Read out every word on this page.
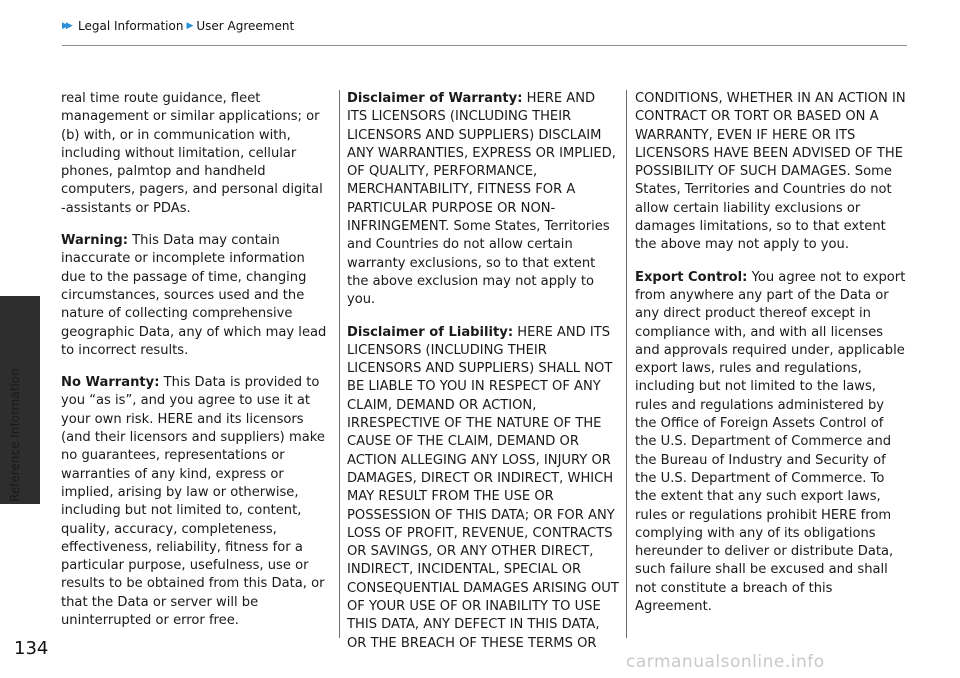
▶▶ Legal Information ▶ User Agreement
Reference Information

real time route guidance, fleet management or similar applications; or (b) with, or in communication with, including without limitation, cellular phones, palmtop and handheld computers, pagers, and personal digital -assistants or PDAs.

Warning: This Data may contain inaccurate or incomplete information due to the passage of time, changing circumstances, sources used and the nature of collecting comprehensive geographic Data, any of which may lead to incorrect results.

No Warranty: This Data is provided to you “as is”, and you agree to use it at your own risk. HERE and its licensors (and their licensors and suppliers) make no guarantees, representations or warranties of any kind, express or implied, arising by law or otherwise, including but not limited to, content, quality, accuracy, completeness, effectiveness, reliability, fitness for a particular purpose, usefulness, use or results to be obtained from this Data, or that the Data or server will be uninterrupted or error free.

Disclaimer of Warranty: HERE AND ITS LICENSORS (INCLUDING THEIR LICENSORS AND SUPPLIERS) DISCLAIM ANY WARRANTIES, EXPRESS OR IMPLIED, OF QUALITY, PERFORMANCE, MERCHANTABILITY, FITNESS FOR A PARTICULAR PURPOSE OR NON-INFRINGEMENT. Some States, Territories and Countries do not allow certain warranty exclusions, so to that extent the above exclusion may not apply to you.

Disclaimer of Liability: HERE AND ITS LICENSORS (INCLUDING THEIR LICENSORS AND SUPPLIERS) SHALL NOT BE LIABLE TO YOU IN RESPECT OF ANY CLAIM, DEMAND OR ACTION, IRRESPECTIVE OF THE NATURE OF THE CAUSE OF THE CLAIM, DEMAND OR ACTION ALLEGING ANY LOSS, INJURY OR DAMAGES, DIRECT OR INDIRECT, WHICH MAY RESULT FROM THE USE OR POSSESSION OF THIS DATA; OR FOR ANY LOSS OF PROFIT, REVENUE, CONTRACTS OR SAVINGS, OR ANY OTHER DIRECT, INDIRECT, INCIDENTAL, SPECIAL OR CONSEQUENTIAL DAMAGES ARISING OUT OF YOUR USE OF OR INABILITY TO USE THIS DATA, ANY DEFECT IN THIS DATA, OR THE BREACH OF THESE TERMS OR

CONDITIONS, WHETHER IN AN ACTION IN CONTRACT OR TORT OR BASED ON A WARRANTY, EVEN IF HERE OR ITS LICENSORS HAVE BEEN ADVISED OF THE POSSIBILITY OF SUCH DAMAGES. Some States, Territories and Countries do not allow certain liability exclusions or damages limitations, so to that extent the above may not apply to you.

Export Control: You agree not to export from anywhere any part of the Data or any direct product thereof except in compliance with, and with all licenses and approvals required under, applicable export laws, rules and regulations, including but not limited to the laws, rules and regulations administered by the Office of Foreign Assets Control of the U.S. Department of Commerce and the Bureau of Industry and Security of the U.S. Department of Commerce. To the extent that any such export laws, rules or regulations prohibit HERE from complying with any of its obligations hereunder to deliver or distribute Data, such failure shall be excused and shall not constitute a breach of this Agreement.

134
carmanualsonline.info
